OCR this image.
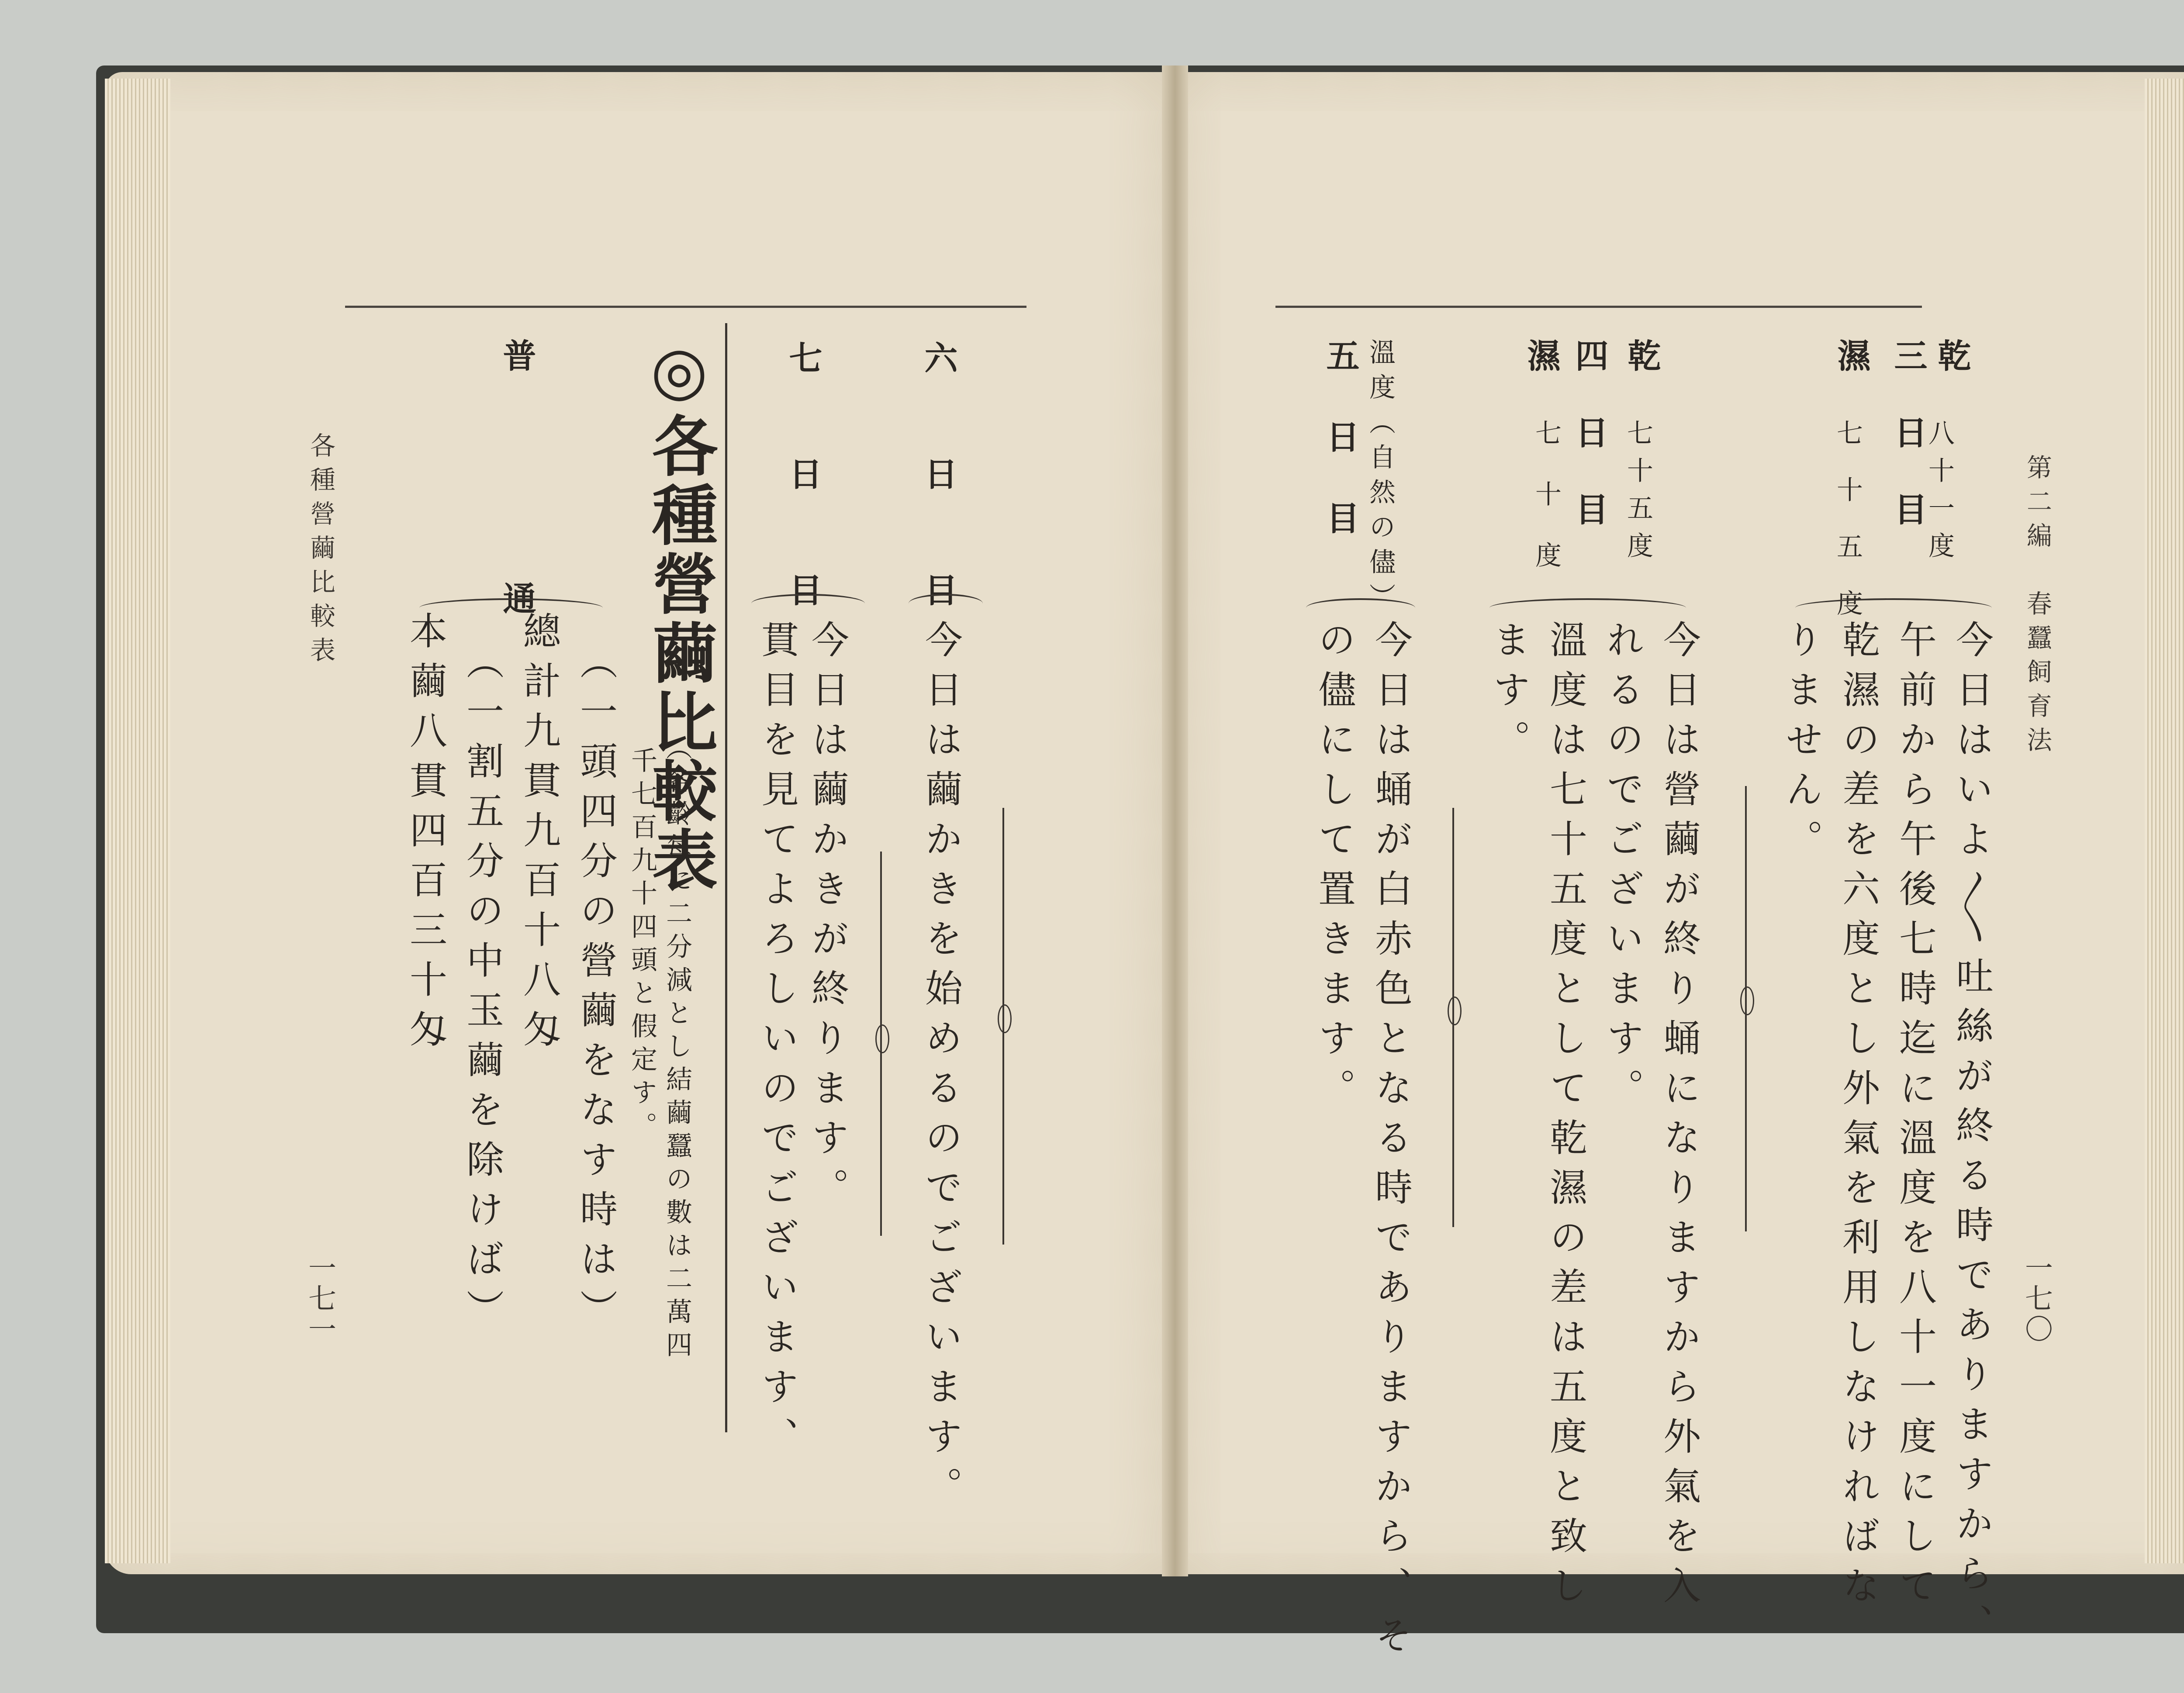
各種營繭比較表
一七一
六日目
今日は繭かきを始めるのでございます。
七日目
今日は繭かきが終ります。
貫目を見てよろしいのでございます、
◎各種營繭比較表
（各齡每に二分減とし結繭蠶の數は二萬四
千七百九十四頭と假定す。
普通
（一頭四分の營繭をなす時は）
總計九貫九百十八匁
（一割五分の中玉繭を除けば）
本繭八貫四百三十匁
第二編　春蠶飼育法
一七〇
三日目 乾
濕
八十一度
七十五度
今日はいよ〳〵吐絲が終る時でありますから、
午前から午後七時迄に溫度を八十一度にして
乾濕の差を六度とし外氣を利用しなければな
りません。
四日目 乾
濕
七十五度
七十度
今日は營繭が終り蛹になりますから外氣を入
れるのでございます。
溫度は七十五度として乾濕の差は五度と致し
ます。
五日目 溫度（自然の儘）
今日は蛹が白赤色となる時でありますから、そ
の儘にして置きます。
